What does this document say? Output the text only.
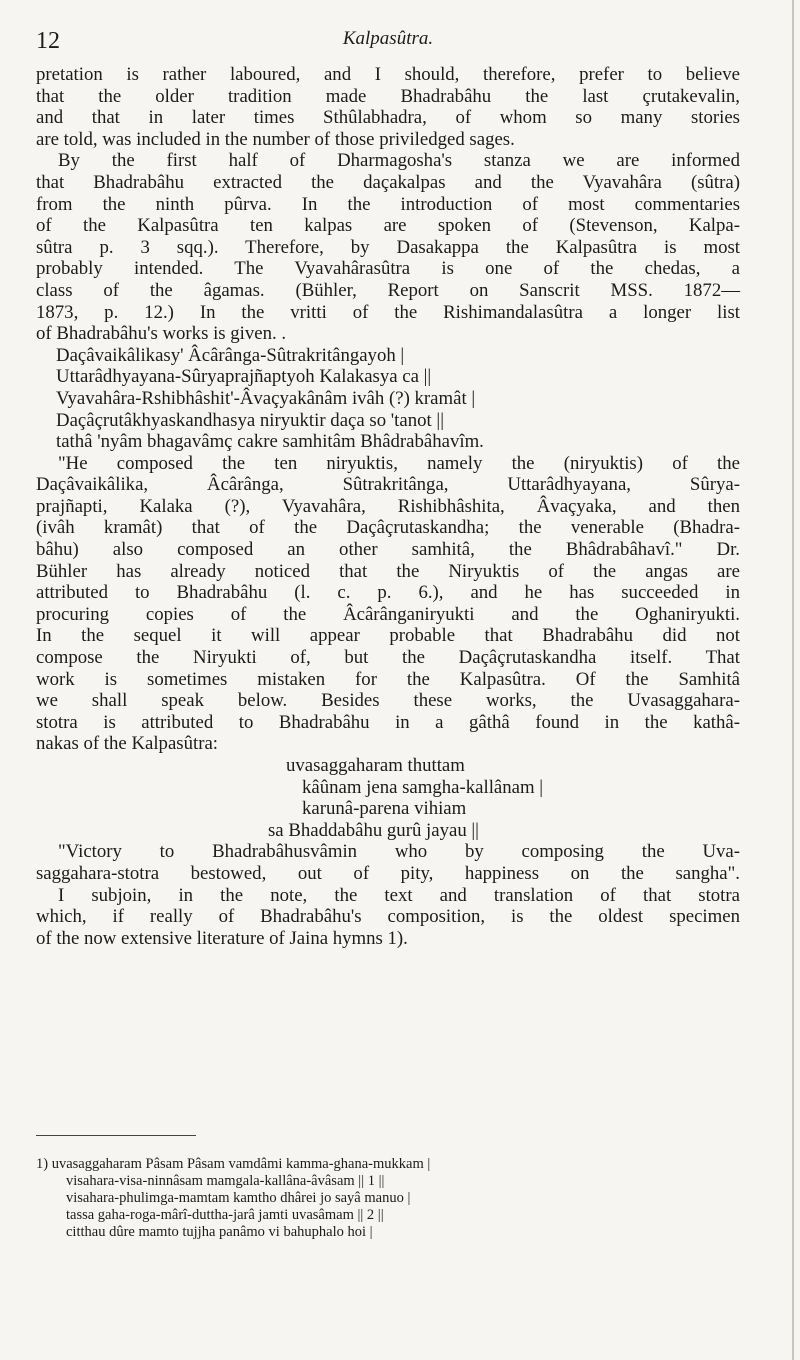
12	Kalpasûtra.
pretation is rather laboured, and I should, therefore, prefer to believe
that the older tradition made Bhadrabâhu the last çrutakevalin,
and that in later times Sthûlabhadra, of whom so many stories
are told, was included in the number of those priviledged sages.
By the first half of Dharmagosha's stanza we are informed
that Bhadrabâhu extracted the daçakalpas and the Vyavahâra (sûtra)
from the ninth pûrva. In the introduction of most commentaries
of the Kalpasûtra ten kalpas are spoken of (Stevenson, Kalpa-
sûtra p. 3 sqq.). Therefore, by Dasakappa the Kalpasûtra is most
probably intended. The Vyavahârasûtra is one of the chedas, a
class of the âgamas. (Bühler, Report on Sanscrit MSS. 1872—
1873, p. 12.) In the vritti of the Rishimandalasûtra a longer list
of Bhadrabâhu's works is given. .
Daçâvaikâlikasy' Âcârânga-Sûtrakritângayoh |
Uttarâdhyayana-Sûryaprajñaptyoh Kalakasya ca ||
Vyavahâra-Rshibhâshit'-Âvaçyakânâm ivâh (?) kramât |
Daçâçrutâkhyaskandhasya niryuktir daça so 'tanot ||
tathâ 'nyâm bhagavâmç cakre samhitâm Bhâdrabâhavîm.
"He composed the ten niryuktis, namely the (niryuktis) of the
Daçâvaikâlika, Âcârânga, Sûtrakritânga, Uttarâdhyayana, Sûrya-
prajñapti, Kalaka (?), Vyavahâra, Rishibhâshita, Âvaçyaka, and then
(ivâh kramât) that of the Daçâçrutaskandha; the venerable (Bhadra-
bâhu) also composed an other samhitâ, the Bhâdrabâhavî." Dr.
Bühler has already noticed that the Niryuktis of the angas are
attributed to Bhadrabâhu (l. c. p. 6.), and he has succeeded in
procuring copies of the Âcârânganiryukti and the Oghaniryukti.
In the sequel it will appear probable that Bhadrabâhu did not
compose the Niryukti of, but the Daçâçrutaskandha itself. That
work is sometimes mistaken for the Kalpasûtra. Of the Samhitâ
we shall speak below. Besides these works, the Uvasaggahara-
stotra is attributed to Bhadrabâhu in a gâthâ found in the kathâ-
nakas of the Kalpasûtra:
uvasaggaharam thuttam
kâûnam jena samgha-kallânam |
karunâ-parena vihiam
sa Bhaddabâhu gurû jayau ||
"Victory to Bhadrabâhusvâmin who by composing the Uva-
saggahara-stotra bestowed, out of pity, happiness on the sangha".
I subjoin, in the note, the text and translation of that stotra
which, if really of Bhadrabâhu's composition, is the oldest specimen
of the now extensive literature of Jaina hymns 1).
1) uvasaggaharam Pâsam Pâsam vamdâmi kamma-ghana-mukkam |
visahara-visa-ninnâsam mamgala-kallâna-âvâsam || 1 ||
visahara-phulimga-mamtam kamtho dhârei jo sayâ manuo |
tassa gaha-roga-mârî-duttha-jarâ jamti uvasâmam || 2 ||
citthau dûre mamto tujjha panâmo vi bahuphalo hoi |
